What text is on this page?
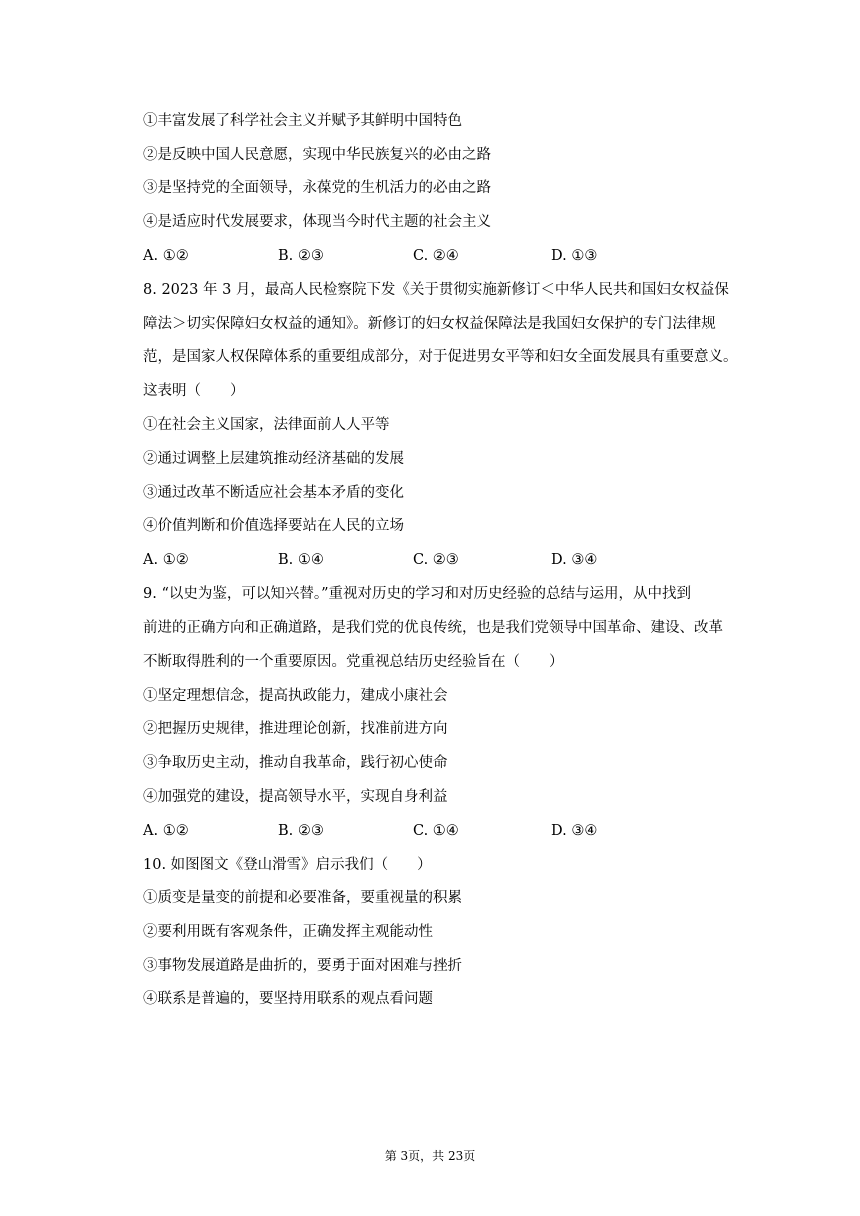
①丰富发展了科学社会主义并赋予其鲜明中国特色
②是反映中国人民意愿，实现中华民族复兴的必由之路
③是坚持党的全面领导，永葆党的生机活力的必由之路
④是适应时代发展要求，体现当今时代主题的社会主义
A. ①②	B. ②③	C. ②④	D. ①③
8. 2023 年 3 月，最高人民检察院下发《关于贯彻实施新修订＜中华人民共和国妇女权益保
障法＞切实保障妇女权益的通知》。新修订的妇女权益保障法是我国妇女保护的专门法律规
范，是国家人权保障体系的重要组成部分，对于促进男女平等和妇女全面发展具有重要意义。
这表明（　　）
①在社会主义国家，法律面前人人平等
②通过调整上层建筑推动经济基础的发展
③通过改革不断适应社会基本矛盾的变化
④价值判断和价值选择要站在人民的立场
A. ①②	B. ①④	C. ②③	D. ③④
9. “以史为鉴，可以知兴替。”重视对历史的学习和对历史经验的总结与运用，从中找到
前进的正确方向和正确道路，是我们党的优良传统，也是我们党领导中国革命、建设、改革
不断取得胜利的一个重要原因。党重视总结历史经验旨在（　　）
①坚定理想信念，提高执政能力，建成小康社会
②把握历史规律，推进理论创新，找准前进方向
③争取历史主动，推动自我革命，践行初心使命
④加强党的建设，提高领导水平，实现自身利益
A. ①②	B. ②③	C. ①④	D. ③④
10. 如图图文《登山滑雪》启示我们（　　）
①质变是量变的前提和必要准备，要重视量的积累
②要利用既有客观条件，正确发挥主观能动性
③事物发展道路是曲折的，要勇于面对困难与挫折
④联系是普遍的，要坚持用联系的观点看问题
第 3页，共 23页
